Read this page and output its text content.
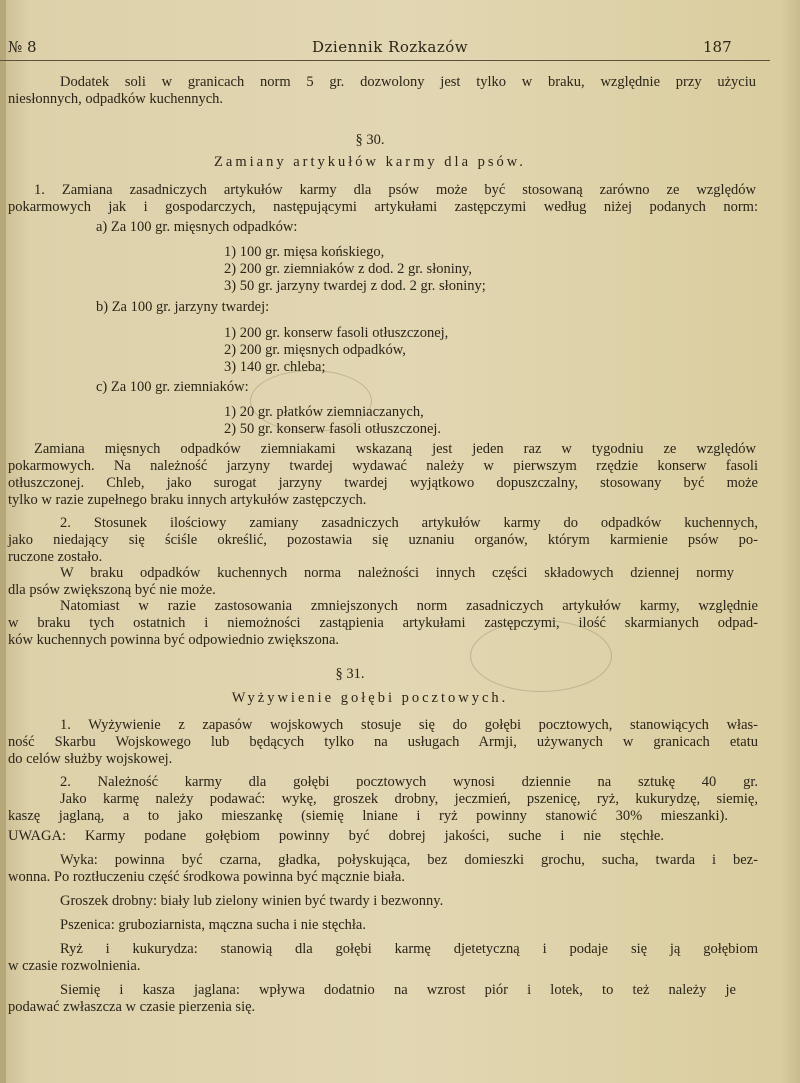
№ 8	Dziennik Rozkazów	187
Dodatek soli w granicach norm 5 gr. dozwolony jest tylko w braku, względnie przy użyciu
niesłonnych, odpadków kuchennych.
§ 30.
Zamiany artykułów karmy dla psów.
1. Zamiana zasadniczych artykułów karmy dla psów może być stosowaną zarówno ze względów
pokarmowych jak i gospodarczych, następującymi artykułami zastępczymi według niżej podanych norm:
a) Za 100 gr. mięsnych odpadków:
1) 100 gr. mięsa końskiego,
2) 200 gr. ziemniaków z dod. 2 gr. słoniny,
3) 50 gr. jarzyny twardej z dod. 2 gr. słoniny;
b) Za 100 gr. jarzyny twardej:
1) 200 gr. konserw fasoli otłuszczonej,
2) 200 gr. mięsnych odpadków,
3) 140 gr. chleba;
c) Za 100 gr. ziemniaków:
1) 20 gr. płatków ziemniaczanych,
2) 50 gr. konserw fasoli otłuszczonej.
Zamiana mięsnych odpadków ziemniakami wskazaną jest jeden raz w tygodniu ze względów
pokarmowych. Na należność jarzyny twardej wydawać należy w pierwszym rzędzie konserw fasoli
otłuszczonej. Chleb, jako surogat jarzyny twardej wyjątkowo dopuszczalny, stosowany być może
tylko w razie zupełnego braku innych artykułów zastępczych.
2. Stosunek ilościowy zamiany zasadniczych artykułów karmy do odpadków kuchennych,
jako niedający się ściśle określić, pozostawia się uznaniu organów, którym karmienie psów po-
ruczone zostało.
W braku odpadków kuchennych norma należności innych części składowych dziennej normy
dla psów zwiększoną być nie może.
Natomiast w razie zastosowania zmniejszonych norm zasadniczych artykułów karmy, względnie
w braku tych ostatnich i niemożności zastąpienia artykułami zastępczymi, ilość skarmianych odpad-
ków kuchennych powinna być odpowiednio zwiększona.
§ 31.
Wyżywienie gołębi pocztowych.
1. Wyżywienie z zapasów wojskowych stosuje się do gołębi pocztowych, stanowiących włas-
ność Skarbu Wojskowego lub będących tylko na usługach Armji, używanych w granicach etatu
do celów służby wojskowej.
2. Należność karmy dla gołębi pocztowych wynosi dziennie na sztukę 40 gr.
Jako karmę należy podawać: wykę, groszek drobny, jeczmień, pszenicę, ryż, kukurydzę, siemię,
kaszę jaglaną, a to jako mieszankę (siemię lniane i ryż powinny stanowić 30% mieszanki).
UWAGA: Karmy podane gołębiom powinny być dobrej jakości, suche i nie stęchłe.
Wyka: powinna być czarna, gładka, połyskująca, bez domieszki grochu, sucha, twarda i bez-
wonna. Po roztłuczeniu część środkowa powinna być mącznie biała.
Groszek drobny: biały lub zielony winien być twardy i bezwonny.
Pszenica: gruboziarnista, mączna sucha i nie stęchła.
Ryż i kukurydza: stanowią dla gołębi karmę djetetyczną i podaje się ją gołębiom
w czasie rozwolnienia.
Siemię i kasza jaglana: wpływa dodatnio na wzrost piór i lotek, to też należy je
podawać zwłaszcza w czasie pierzenia się.
